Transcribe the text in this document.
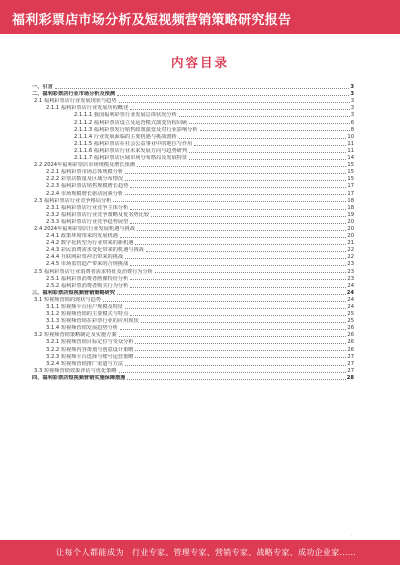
福利彩票店市场分析及短视频营销策略研究报告
内容目录
一、引言	3
二、福利彩票店行业市场分析及预测	3
2.1 福利彩票店行业发展现状与趋势	3
2.1.1 福利彩票店行业发展历程概述	3
2.1.1.1 我国福利彩票行业发展总体状况分析	3
2.1.1.2 福利彩票店设立及运营模式演变历程回顾	6
2.1.1.3 福利彩票发行销售政策演变及对行业影响分析	8
2.1.1.4 行业发展面临的主要机遇与挑战剖析	10
2.1.1.5 福利彩票店在社会公益事业中的地位与作用	11
2.1.1.6 福利彩票店行业未来发展方向与趋势研判	11
2.1.1.7 福利彩票店区域市场分布格局及发展特征	14
2.2 2024年福利彩票店市场规模及增长预测	15
2.2.1 福利彩票市场总体规模分析	15
2.2.2 彩票店数量及区域分布情况	15
2.2.3 福利彩票店销售规模增长趋势	17
2.2.4 市场规模增长驱动因素分析	17
2.3 福利彩票店行业竞争格局分析	18
2.3.1 福利彩票店行业竞争主体分析	18
2.3.2 福利彩票店行业竞争策略及优劣势比较	19
2.3.3 福利彩票店行业竞争趋势展望	20
2.4 2024年福利彩票店行业发展机遇与挑战	20
2.4.1 政策环境带来的发展机遇	20
2.4.2 数字化转型为行业带来的新机遇	21
2.4.3 彩民消费需求变化带来的机遇与挑战	22
2.4.4 互联网彩票冲击带来的挑战	22
2.4.5 市场监管趋严带来的合规挑战	23
2.5 福利彩票店行业消费者需求特征及消费行为分析	23
2.5.1 福利彩票消费者画像特征分析	23
2.5.2 福利彩票消费者购买行为分析	24
三、福利彩票店短视频营销策略研究	24
3.1 短视频营销的现状与趋势	24
3.1.1 短视频平台用户规模及特征	24
3.1.2 短视频营销的主要模式与特点	25
3.1.3 短视频营销在彩票行业的应用现状	25
3.1.4 短视频营销发展趋势分析	26
3.2 短视频营销策略制定及实施方案	26
3.2.1 短视频营销目标定位与受众分析	26
3.2.2 短视频内容策划与创意设计策略	26
3.2.3 短视频平台选择与账号运营策略	27
3.2.4 短视频营销推广渠道与方法	27
3.3 短视频营销效果评估与优化策略	27
四、福利彩票店短视频营销实施保障措施	28
·
让每个人都能成为 行业专家、管理专家、营销专家、战略专家、成功企业家……
